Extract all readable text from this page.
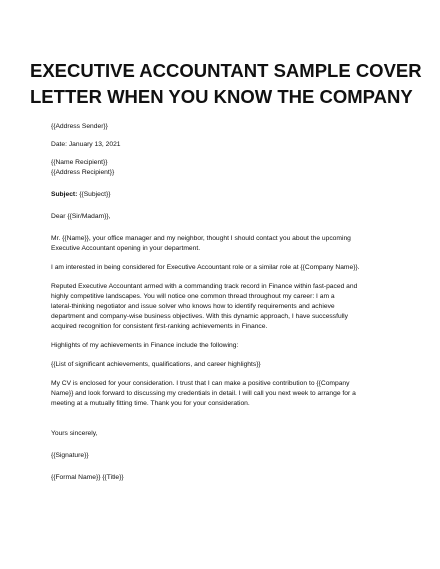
EXECUTIVE ACCOUNTANT SAMPLE COVER
LETTER WHEN YOU KNOW THE COMPANY
{{Address Sender}}
Date: January 13, 2021
{{Name Recipient}}
{{Address Recipient}}
Subject: {{Subject}}
Dear {{Sir/Madam}},
Mr. {{Name}}, your office manager and my neighbor, thought I should contact you about the upcoming
Executive Accountant opening in your department.
I am interested in being considered for Executive Accountant role or a similar role at {{Company Name}}.
Reputed Executive Accountant armed with a commanding track record in Finance within fast-paced and
highly competitive landscapes. You will notice one common thread throughout my career: I am a
lateral-thinking negotiator and issue solver who knows how to identify requirements and achieve
department and company-wise business objectives. With this dynamic approach, I have successfully
acquired recognition for consistent first-ranking achievements in Finance.
Highlights of my achievements in Finance include the following:
{{List of significant achievements, qualifications, and career highlights}}
My CV is enclosed for your consideration. I trust that I can make a positive contribution to {{Company
Name}} and look forward to discussing my credentials in detail. I will call you next week to arrange for a
meeting at a mutually fitting time. Thank you for your consideration.
Yours sincerely,
{{Signature}}
{{Formal Name}} {{Title}}
